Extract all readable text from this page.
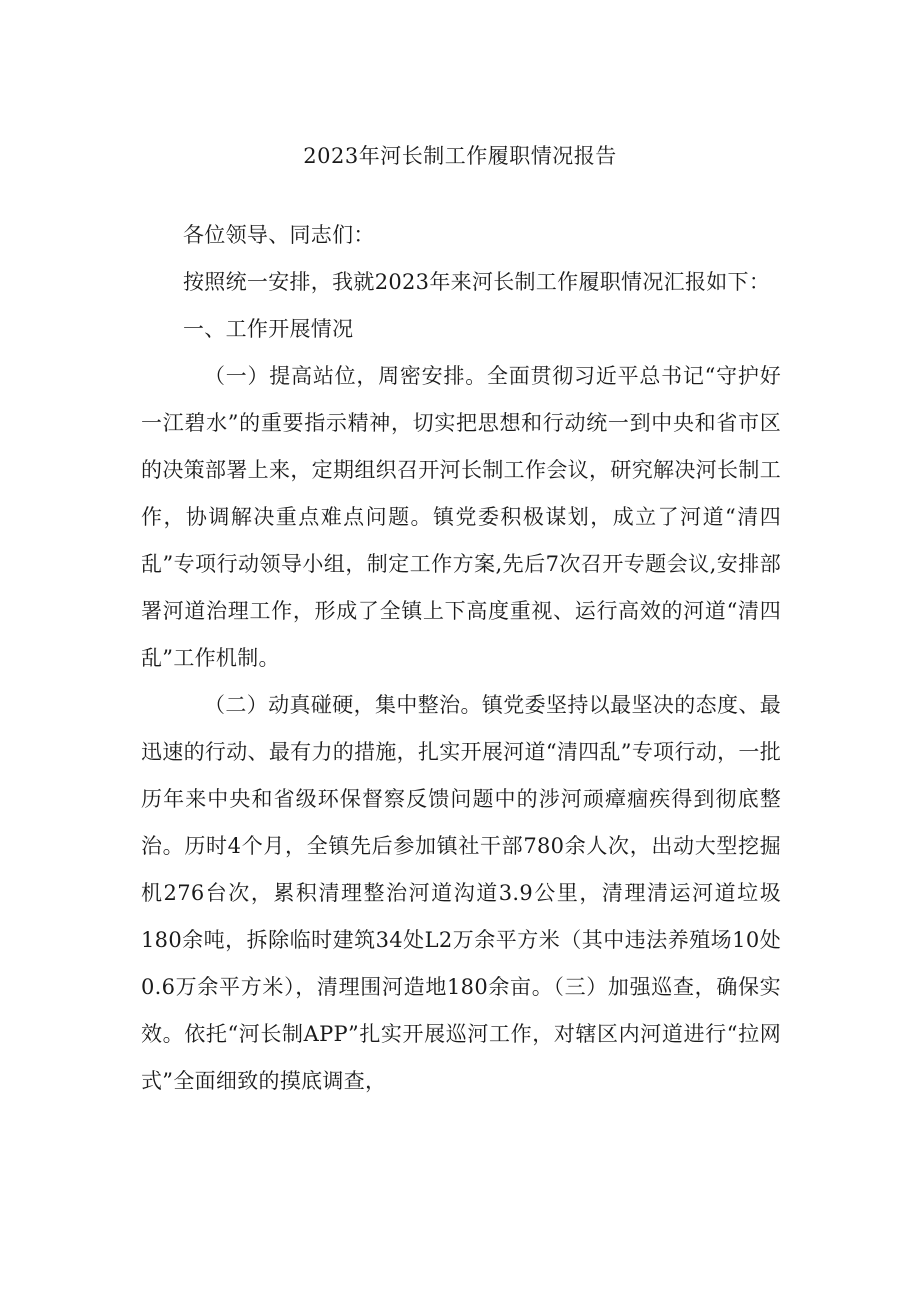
2023年河长制工作履职情况报告

各位领导、同志们：

按照统一安排，我就2023年来河长制工作履职情况汇报如下：

一、工作开展情况

（一）提高站位，周密安排。全面贯彻习近平总书记“守护好一江碧水”的重要指示精神，切实把思想和行动统一到中央和省市区的决策部署上来，定期组织召开河长制工作会议，研究解决河长制工作，协调解决重点难点问题。镇党委积极谋划，成立了河道“清四乱”专项行动领导小组，制定工作方案,先后7次召开专题会议,安排部署河道治理工作，形成了全镇上下高度重视、运行高效的河道“清四乱”工作机制。

（二）动真碰硬，集中整治。镇党委坚持以最坚决的态度、最迅速的行动、最有力的措施，扎实开展河道“清四乱”专项行动，一批历年来中央和省级环保督察反馈问题中的涉河顽瘴痼疾得到彻底整治。历时4个月，全镇先后参加镇社干部780余人次，出动大型挖掘机276台次，累积清理整治河道沟道3.9公里，清理清运河道垃圾180余吨，拆除临时建筑34处L2万余平方米（其中违法养殖场10处0.6万余平方米），清理围河造地180余亩。（三）加强巡查，确保实效。依托“河长制APP”扎实开展巡河工作，对辖区内河道进行“拉网式”全面细致的摸底调查，
